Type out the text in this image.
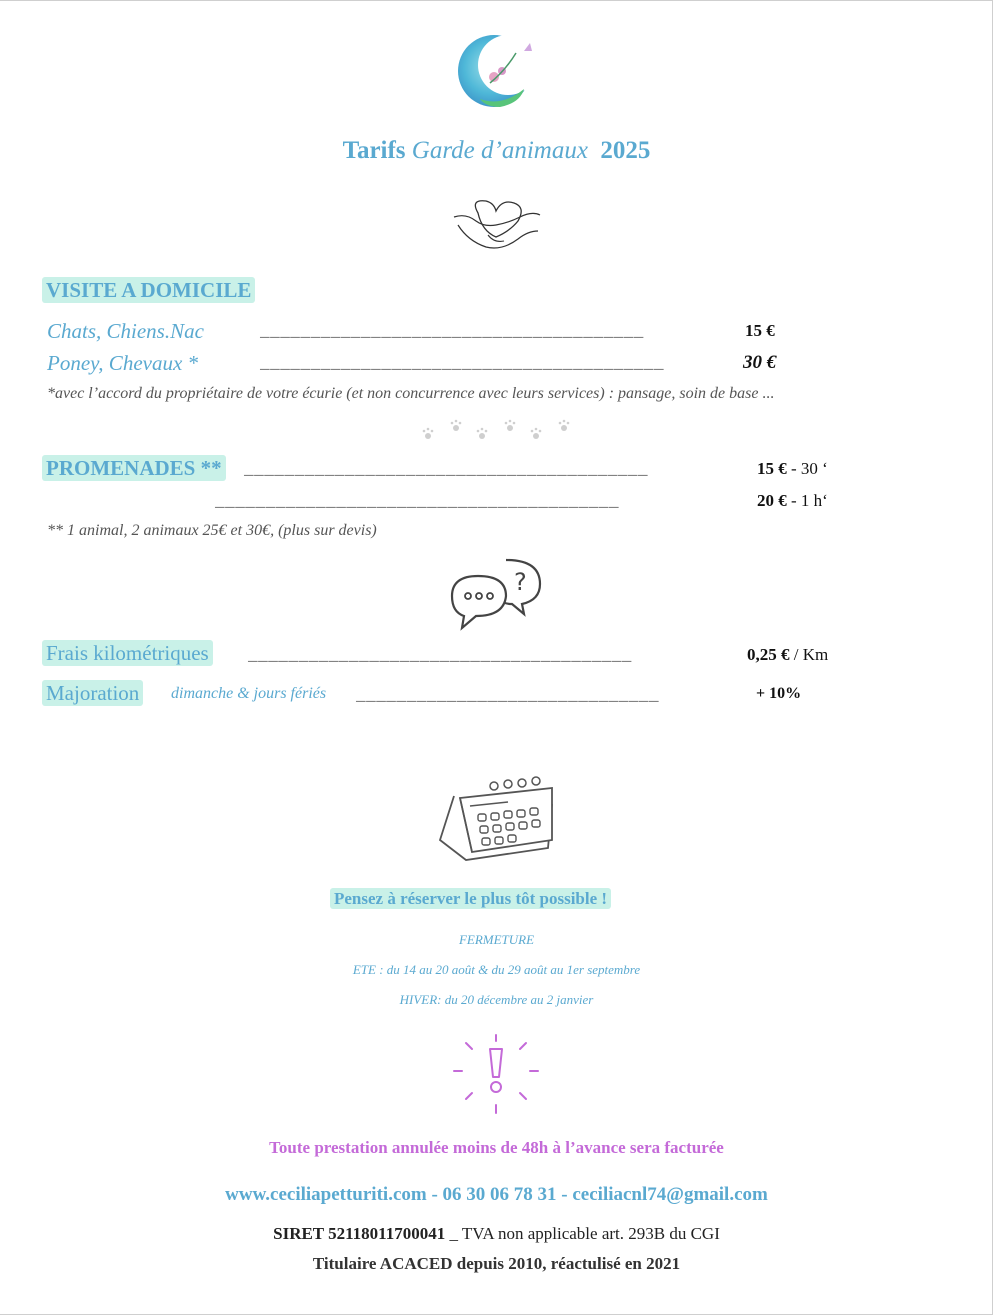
Tarifs Garde d’animaux 2025
VISITE A DOMICILE
Chats, Chiens.Nac	______________________________________	15 €
Poney, Chevaux *	________________________________________	30 €
*avec l’accord du propriétaire de votre écurie (et non concurrence avec leurs services) : pansage, soin de base ...
PROMENADES ** ________________________________________	15 € - 30 ‘
________________________________________	20 € - 1 h‘
** 1 animal, 2 animaux 25€ et 30€, (plus sur devis)
?
Frais kilométriques ______________________________________	0,25 € / Km
Majoration dimanche & jours fériés ______________________________	+ 10%
Pensez à réserver le plus tôt possible !
FERMETURE
ETE : du 14 au 20 août & du 29 août au 1er septembre
HIVER: du 20 décembre au 2 janvier
Toute prestation annulée moins de 48h à l’avance sera facturée
www.ceciliapetturiti.com - 06 30 06 78 31 - ceciliacnl74@gmail.com
SIRET 52118011700041 _ TVA non applicable art. 293B du CGI
Titulaire ACACED depuis 2010, réactulisé en 2021
